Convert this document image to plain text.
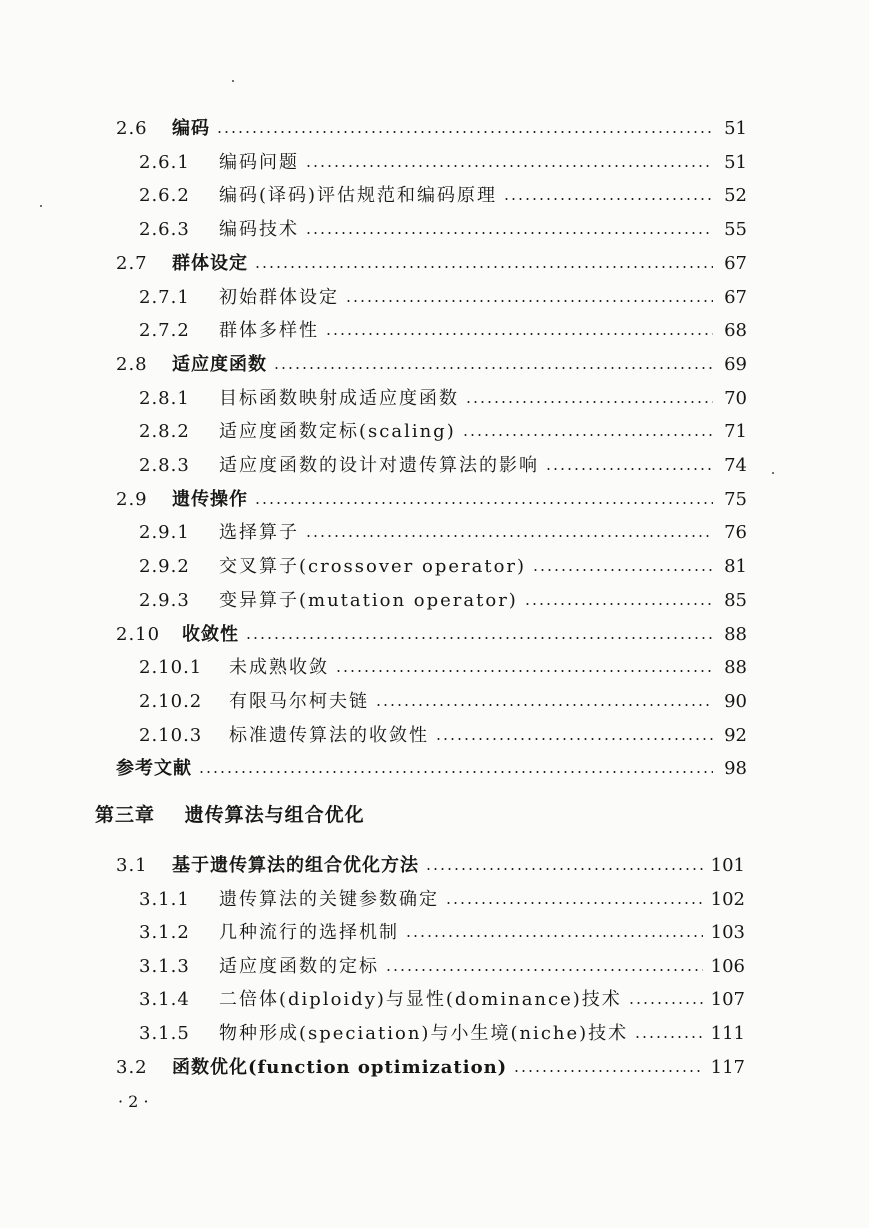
2.6	编码	51
2.6.1	编码问题	51
2.6.2	编码(译码)评估规范和编码原理	52
2.6.3	编码技术	55
2.7	群体设定	67
2.7.1	初始群体设定	67
2.7.2	群体多样性	68
2.8	适应度函数	69
2.8.1	目标函数映射成适应度函数	70
2.8.2	适应度函数定标(scaling)	71
2.8.3	适应度函数的设计对遗传算法的影响	74
2.9	遗传操作	75
2.9.1	选择算子	76
2.9.2	交叉算子(crossover operator)	81
2.9.3	变异算子(mutation operator)	85
2.10	收敛性	88
2.10.1	未成熟收敛	88
2.10.2	有限马尔柯夫链	90
2.10.3	标准遗传算法的收敛性	92
参考文献	98
3.1	基于遗传算法的组合优化方法	101
3.1.1	遗传算法的关键参数确定	102
3.1.2	几种流行的选择机制	103
3.1.3	适应度函数的定标	106
3.1.4	二倍体(diploidy)与显性(dominance)技术	107
3.1.5	物种形成(speciation)与小生境(niche)技术	111
3.2	函数优化(function optimization)	117
第三章 遗传算法与组合优化
· 2 ·
